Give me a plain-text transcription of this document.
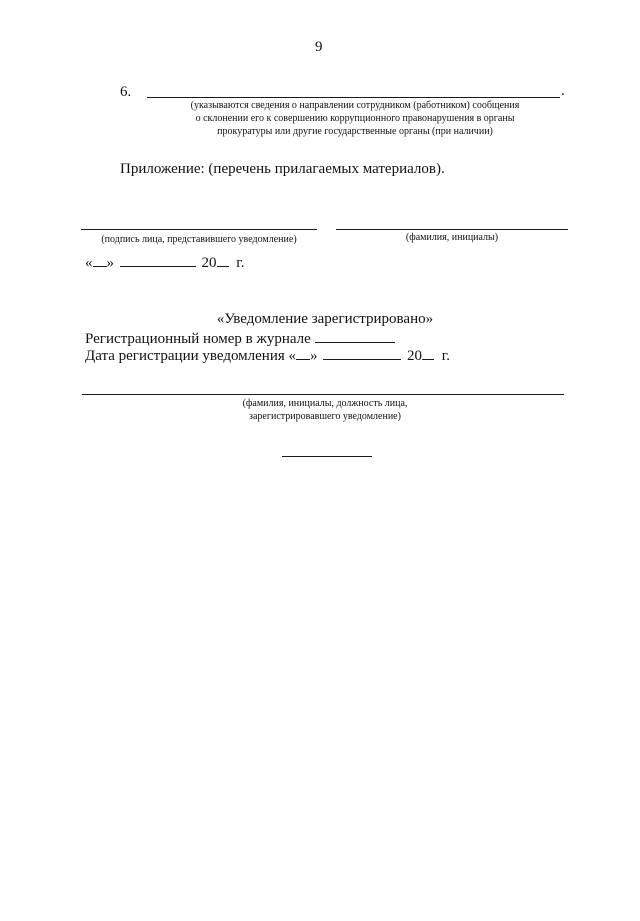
9
6.	.
(указываются сведения о направлении сотрудником (работником) сообщения
о склонении его к совершению коррупционного правонарушения в органы
прокуратуры или другие государственные органы (при наличии)
Приложение: (перечень прилагаемых материалов).
(подпись лица, представившего уведомление)	(фамилия, инициалы)
« »	20 г.
«Уведомление зарегистрировано»
Регистрационный номер в журнале
Дата регистрации уведомления « »	20 г.
(фамилия, инициалы, должность лица,
зарегистрировавшего уведомление)
